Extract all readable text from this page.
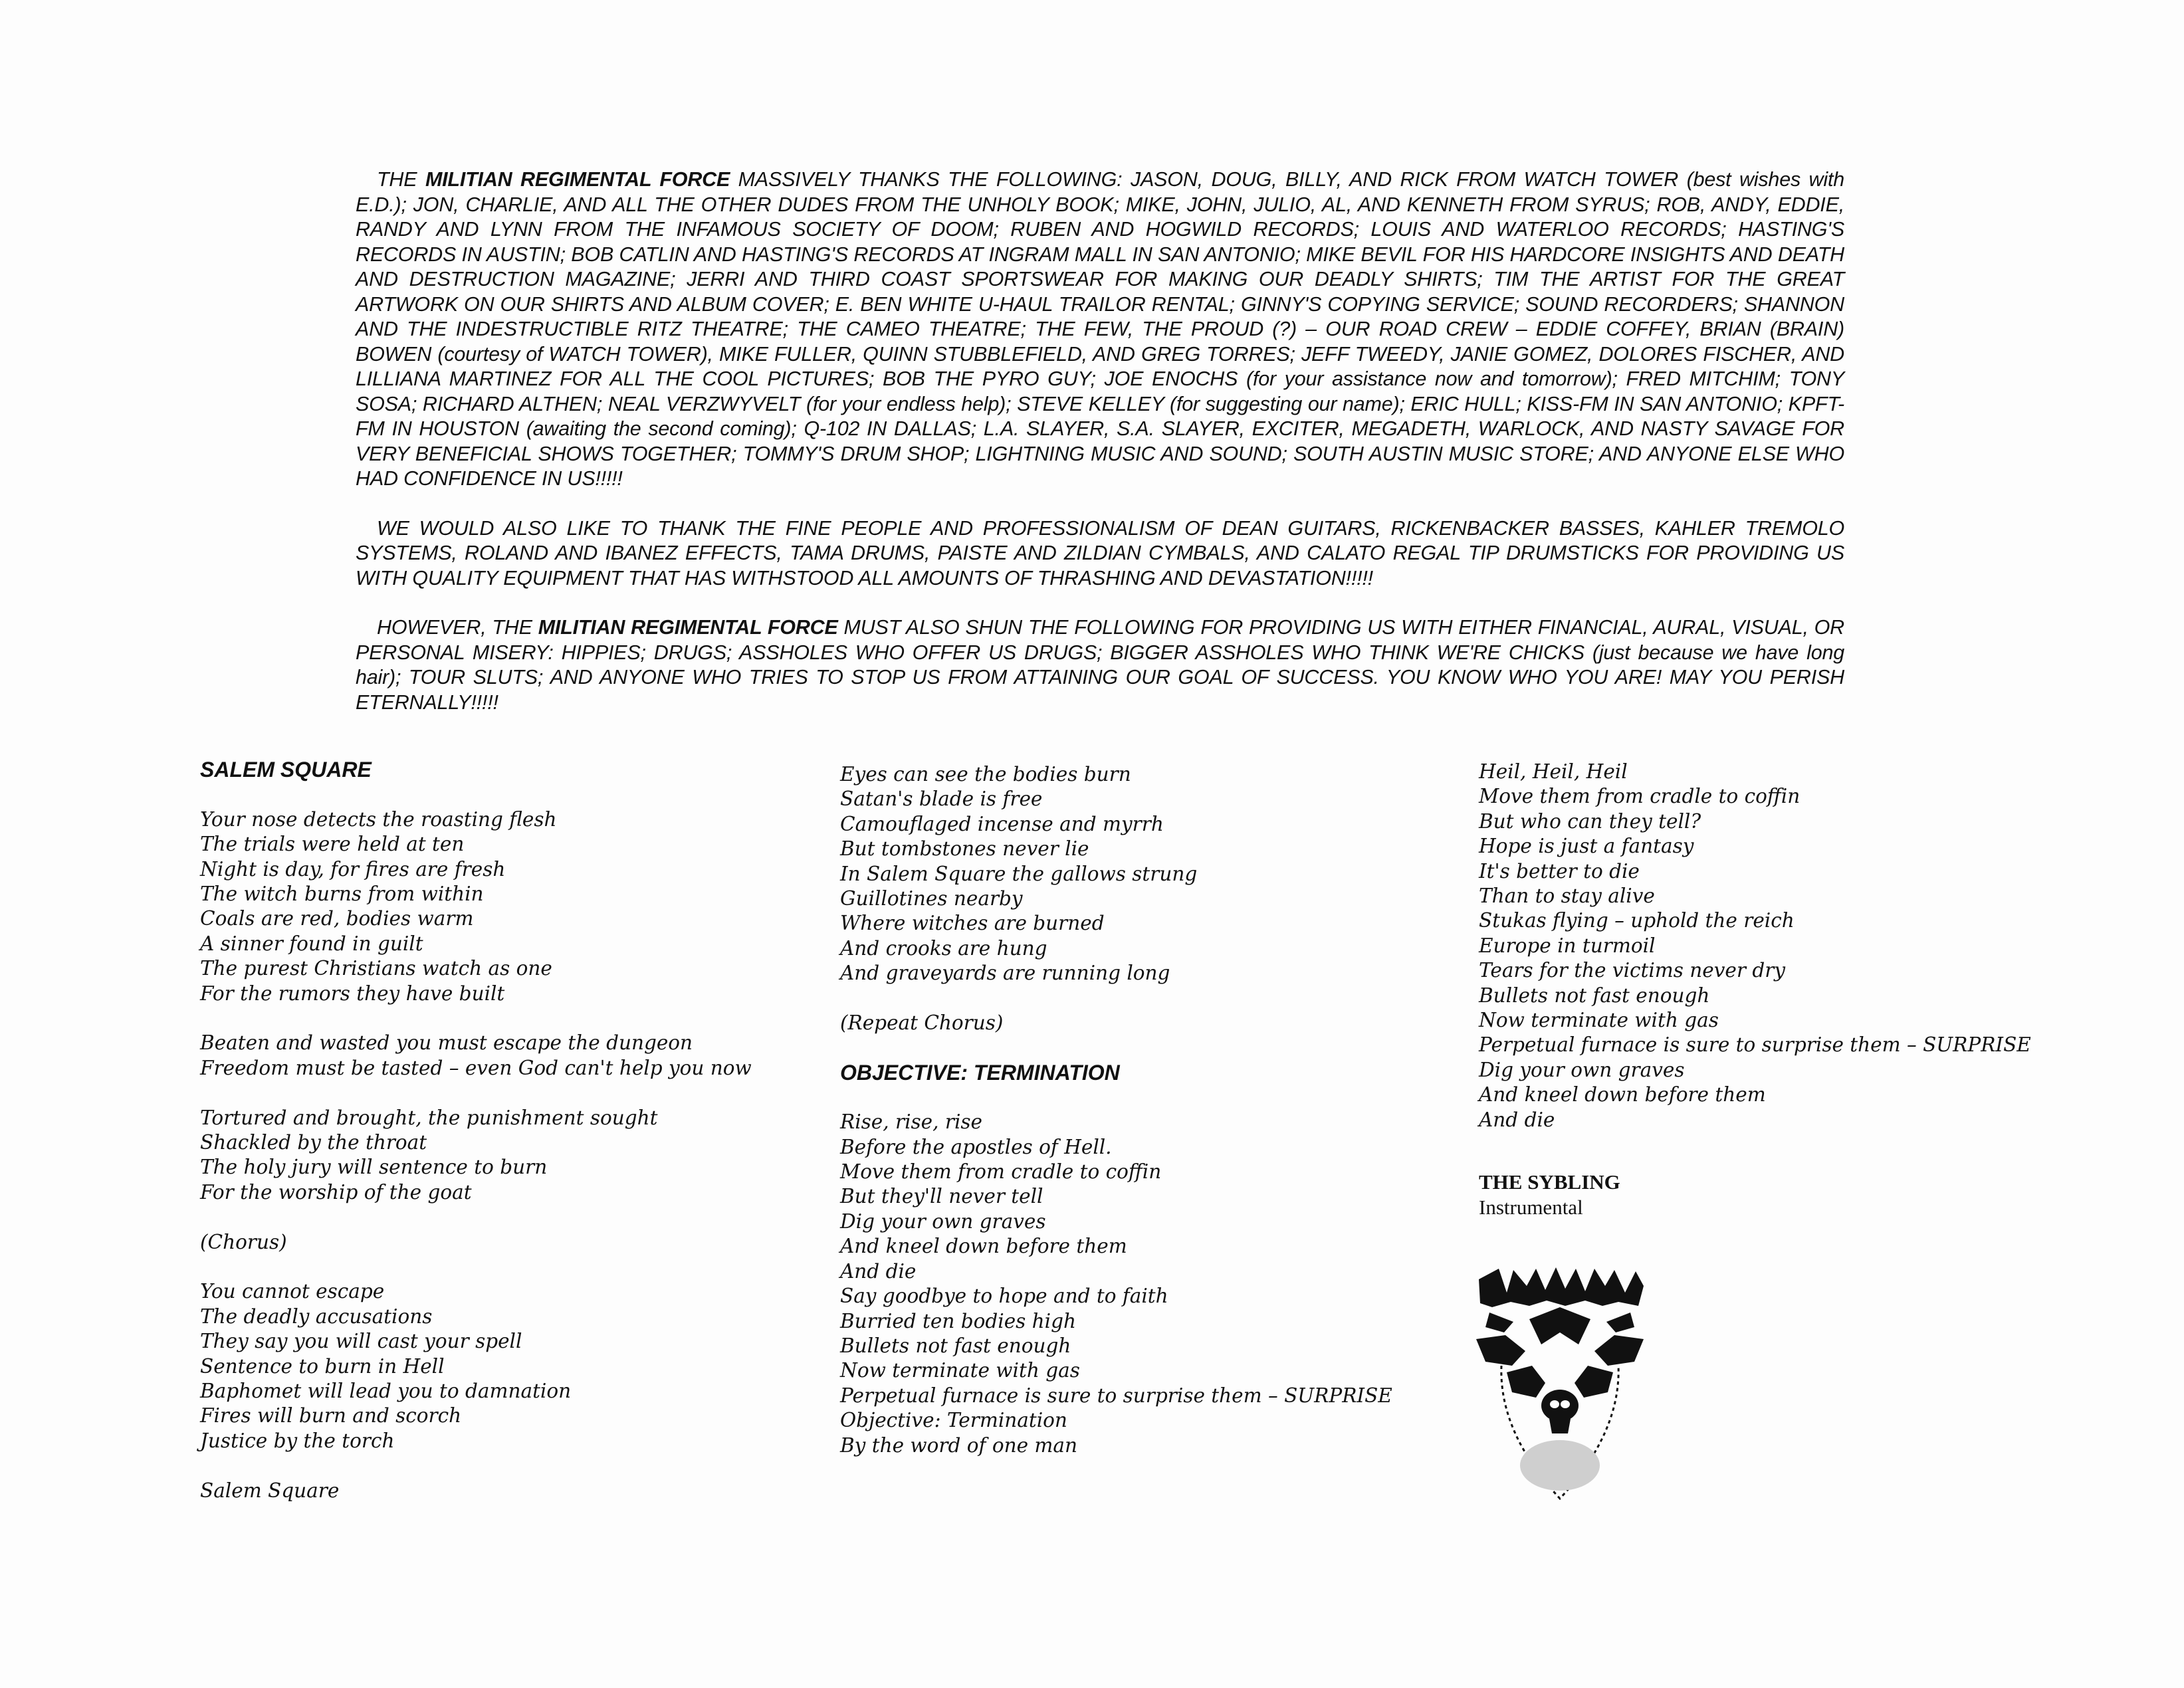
THE MILITIAN REGIMENTAL FORCE MASSIVELY THANKS THE FOLLOWING: JASON, DOUG, BILLY, AND RICK FROM WATCH TOWER (best wishes with E.D.); JON, CHARLIE, AND ALL THE OTHER DUDES FROM THE UNHOLY BOOK; MIKE, JOHN, JULIO, AL, AND KENNETH FROM SYRUS; ROB, ANDY, EDDIE, RANDY AND LYNN FROM THE INFAMOUS SOCIETY OF DOOM; RUBEN AND HOGWILD RECORDS; LOUIS AND WATERLOO RECORDS; HASTING'S RECORDS IN AUSTIN; BOB CATLIN AND HASTING'S RECORDS AT INGRAM MALL IN SAN ANTONIO; MIKE BEVIL FOR HIS HARDCORE INSIGHTS AND DEATH AND DESTRUCTION MAGAZINE; JERRI AND THIRD COAST SPORTSWEAR FOR MAKING OUR DEADLY SHIRTS; TIM THE ARTIST FOR THE GREAT ARTWORK ON OUR SHIRTS AND ALBUM COVER; E. BEN WHITE U-HAUL TRAILOR RENTAL; GINNY'S COPYING SERVICE; SOUND RECORDERS; SHANNON AND THE INDESTRUCTIBLE RITZ THEATRE; THE CAMEO THEATRE; THE FEW, THE PROUD (?) – OUR ROAD CREW – EDDIE COFFEY, BRIAN (BRAIN) BOWEN (courtesy of WATCH TOWER), MIKE FULLER, QUINN STUBBLEFIELD, AND GREG TORRES; JEFF TWEEDY, JANIE GOMEZ, DOLORES FISCHER, AND LILLIANA MARTINEZ FOR ALL THE COOL PICTURES; BOB THE PYRO GUY; JOE ENOCHS (for your assistance now and tomorrow); FRED MITCHIM; TONY SOSA; RICHARD ALTHEN; NEAL VERZWYVELT (for your endless help); STEVE KELLEY (for suggesting our name); ERIC HULL; KISS-FM IN SAN ANTONIO; KPFT-FM IN HOUSTON (awaiting the second coming); Q-102 IN DALLAS; L.A. SLAYER, S.A. SLAYER, EXCITER, MEGADETH, WARLOCK, AND NASTY SAVAGE FOR VERY BENEFICIAL SHOWS TOGETHER; TOMMY'S DRUM SHOP; LIGHTNING MUSIC AND SOUND; SOUTH AUSTIN MUSIC STORE; AND ANYONE ELSE WHO HAD CONFIDENCE IN US!!!!!

WE WOULD ALSO LIKE TO THANK THE FINE PEOPLE AND PROFESSIONALISM OF DEAN GUITARS, RICKENBACKER BASSES, KAHLER TREMOLO SYSTEMS, ROLAND AND IBANEZ EFFECTS, TAMA DRUMS, PAISTE AND ZILDIAN CYMBALS, AND CALATO REGAL TIP DRUMSTICKS FOR PROVIDING US WITH QUALITY EQUIPMENT THAT HAS WITHSTOOD ALL AMOUNTS OF THRASHING AND DEVASTATION!!!!!

HOWEVER, THE MILITIAN REGIMENTAL FORCE MUST ALSO SHUN THE FOLLOWING FOR PROVIDING US WITH EITHER FINANCIAL, AURAL, VISUAL, OR PERSONAL MISERY: HIPPIES; DRUGS; ASSHOLES WHO OFFER US DRUGS; BIGGER ASSHOLES WHO THINK WE'RE CHICKS (just because we have long hair); TOUR SLUTS; AND ANYONE WHO TRIES TO STOP US FROM ATTAINING OUR GOAL OF SUCCESS. YOU KNOW WHO YOU ARE! MAY YOU PERISH ETERNALLY!!!!!

SALEM SQUARE
Your nose detects the roasting flesh
The trials were held at ten
Night is day, for fires are fresh
The witch burns from within
Coals are red, bodies warm
A sinner found in guilt
The purest Christians watch as one
For the rumors they have built
Beaten and wasted you must escape the dungeon
Freedom must be tasted – even God can't help you now
Tortured and brought, the punishment sought
Shackled by the throat
The holy jury will sentence to burn
For the worship of the goat
(Chorus)
You cannot escape
The deadly accusations
They say you will cast your spell
Sentence to burn in Hell
Baphomet will lead you to damnation
Fires will burn and scorch
Justice by the torch
Salem Square
Eyes can see the bodies burn
Satan's blade is free
Camouflaged incense and myrrh
But tombstones never lie
In Salem Square the gallows strung
Guillotines nearby
Where witches are burned
And crooks are hung
And graveyards are running long
(Repeat Chorus)
OBJECTIVE: TERMINATION
Rise, rise, rise
Before the apostles of Hell.
Move them from cradle to coffin
But they'll never tell
Dig your own graves
And kneel down before them
And die
Say goodbye to hope and to faith
Burried ten bodies high
Bullets not fast enough
Now terminate with gas
Perpetual furnace is sure to surprise them – SURPRISE
Objective: Termination
By the word of one man
Heil, Heil, Heil
Move them from cradle to coffin
But who can they tell?
Hope is just a fantasy
It's better to die
Than to stay alive
Stukas flying – uphold the reich
Europe in turmoil
Tears for the victims never dry
Bullets not fast enough
Now terminate with gas
Perpetual furnace is sure to surprise them – SURPRISE
Dig your own graves
And kneel down before them
And die
THE SYBLING
Instrumental
